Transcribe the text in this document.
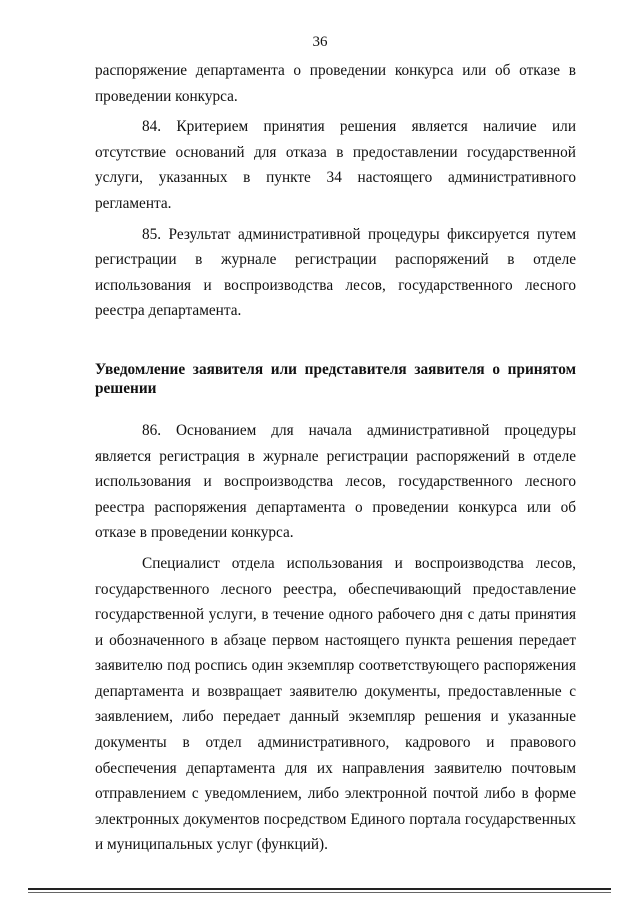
36

распоряжение департамента о проведении конкурса или об отказе в проведении конкурса.

84. Критерием принятия решения является наличие или отсутствие оснований для отказа в предоставлении государственной услуги, указанных в пункте 34 настоящего административного регламента.

85. Результат административной процедуры фиксируется путем регистрации в журнале регистрации распоряжений в отделе использования и воспроизводства лесов, государственного лесного реестра департамента.

Уведомление заявителя или представителя заявителя о принятом решении

86. Основанием для начала административной процедуры является регистрация в журнале регистрации распоряжений в отделе использования и воспроизводства лесов, государственного лесного реестра распоряжения департамента о проведении конкурса или об отказе в проведении конкурса.

Специалист отдела использования и воспроизводства лесов, государственного лесного реестра, обеспечивающий предоставление государственной услуги, в течение одного рабочего дня с даты принятия и обозначенного в абзаце первом настоящего пункта решения передает заявителю под роспись один экземпляр соответствующего распоряжения департамента и возвращает заявителю документы, предоставленные с заявлением, либо передает данный экземпляр решения и указанные документы в отдел административного, кадрового и правового обеспечения департамента для их направления заявителю почтовым отправлением с уведомлением, либо электронной почтой либо в форме электронных документов посредством Единого портала государственных и муниципальных услуг (функций).
